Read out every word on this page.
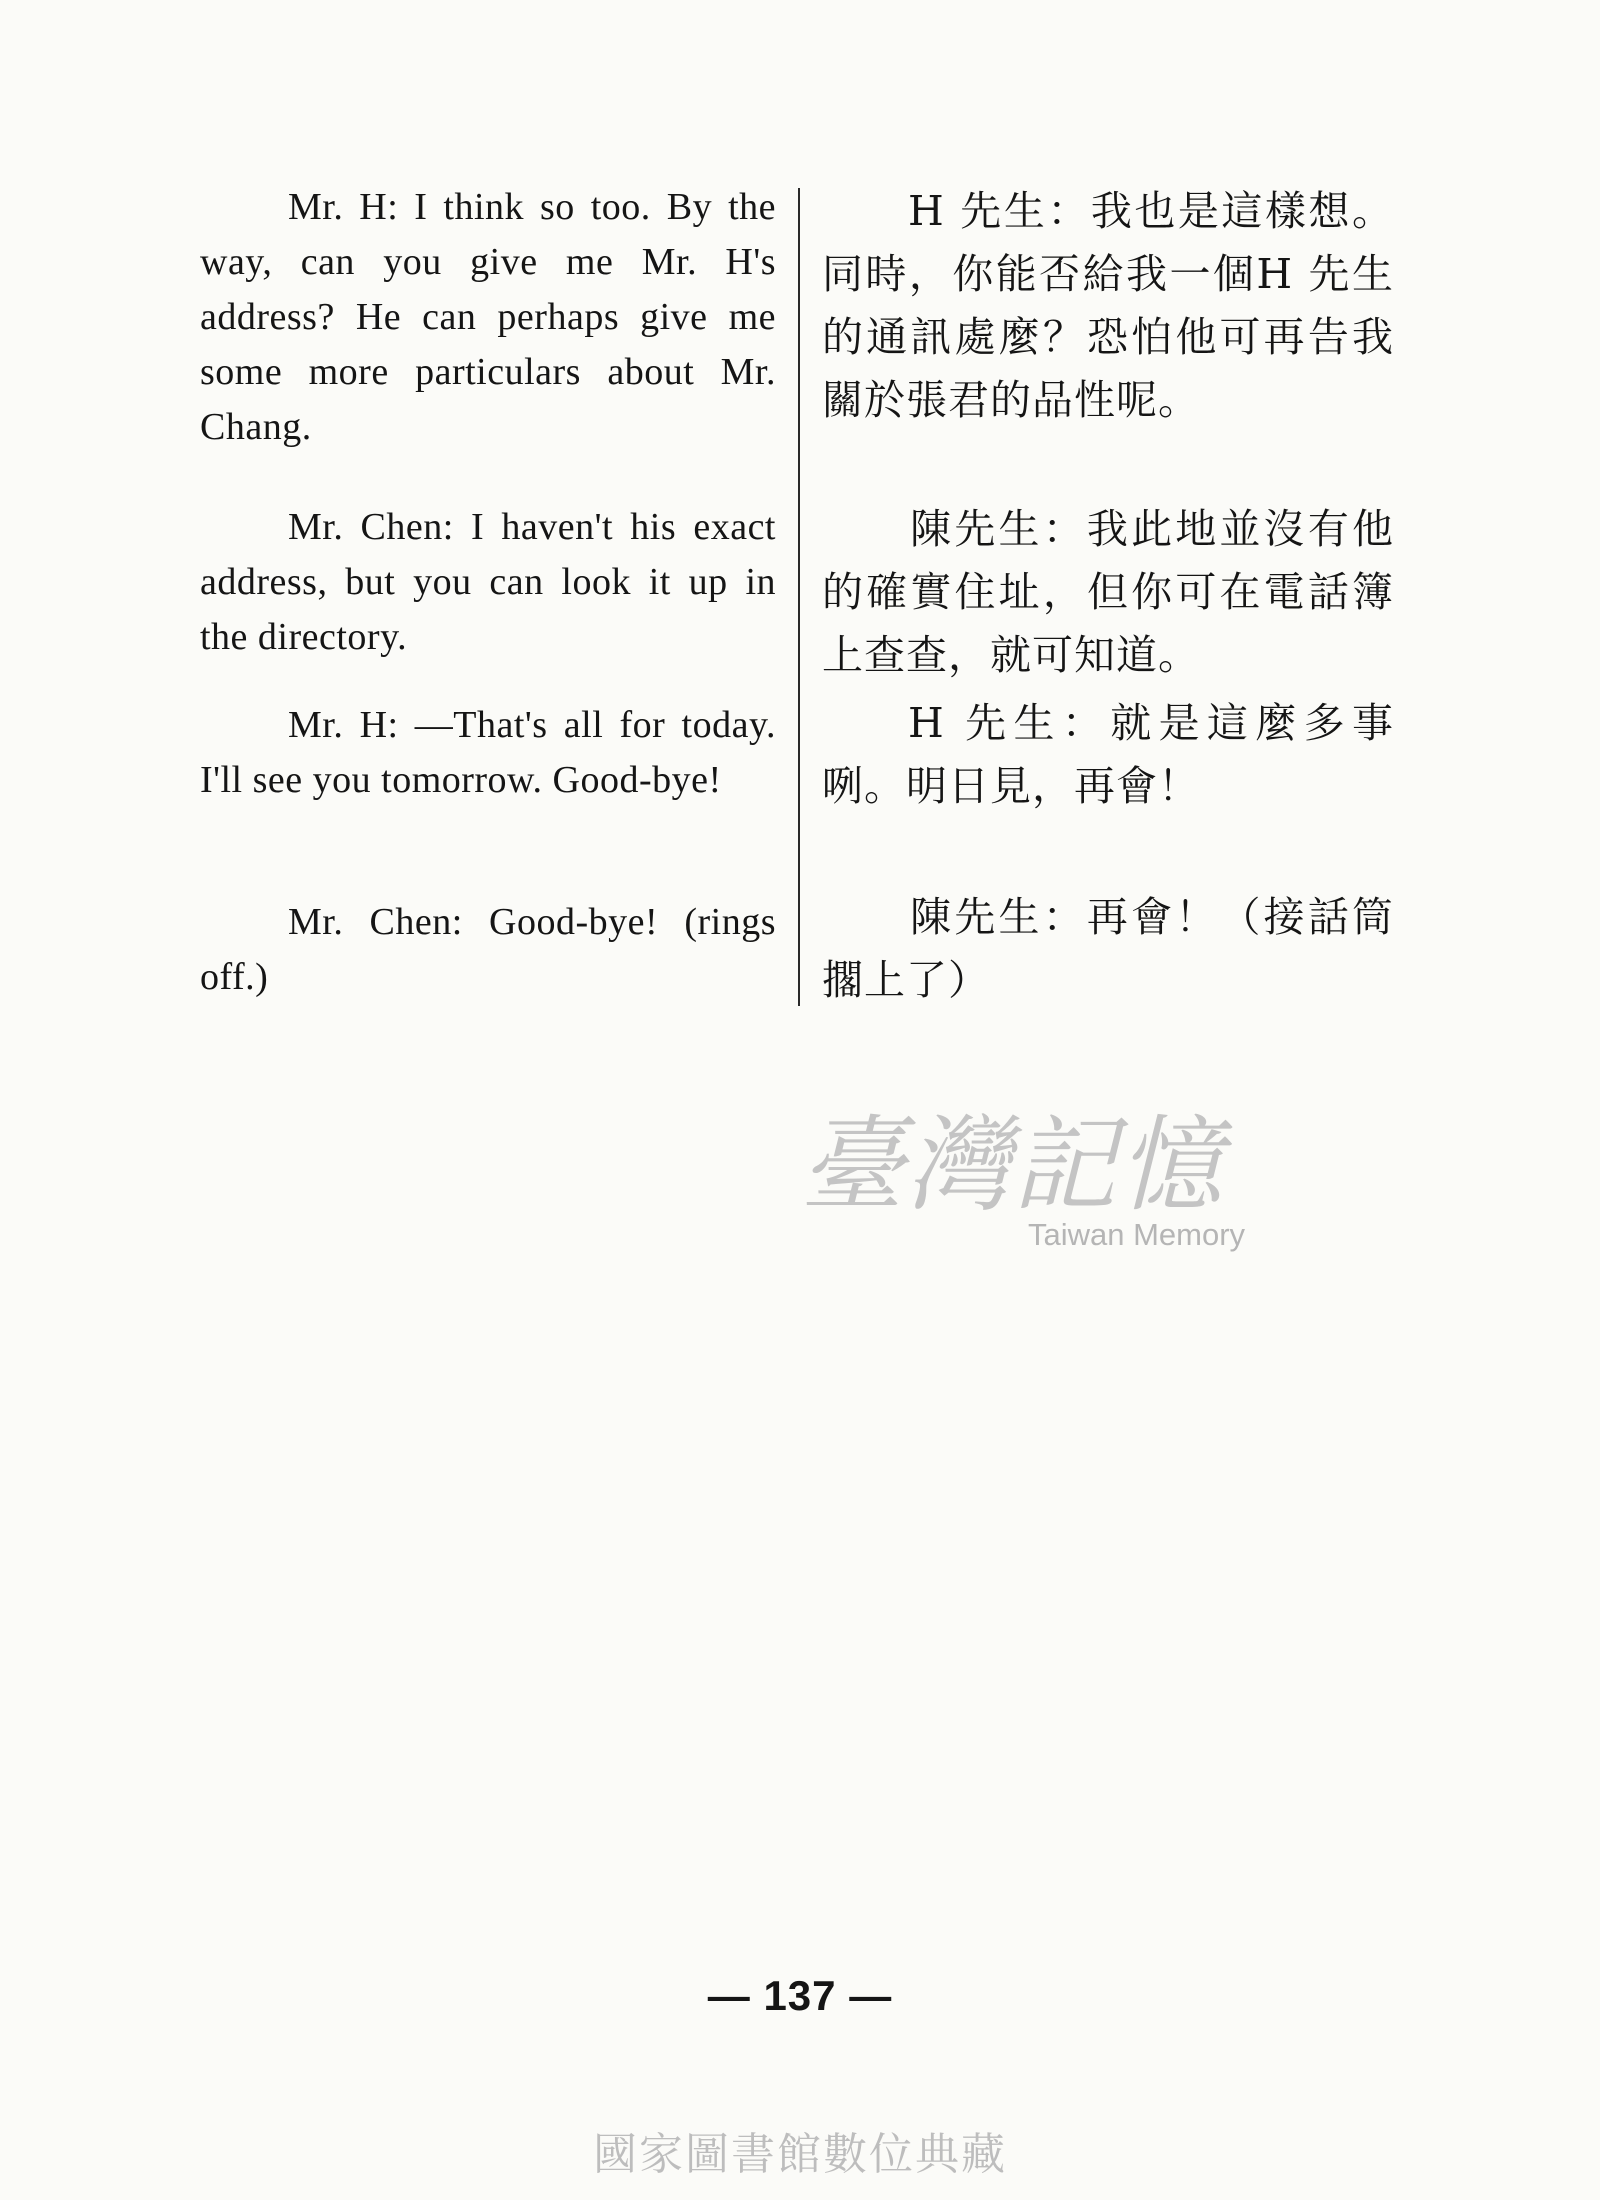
Mr. H: I think so too. By the way, can you give me Mr. H's address? He can perhaps give me some more particulars about Mr. Chang.

Mr. Chen: I haven't his exact address, but you can look it up in the directory.

Mr. H: —That's all for today. I'll see you tomorrow. Good-bye!

Mr. Chen: Good-bye! (rings off.)

H 先生：我也是這樣想。同時，你能否給我一個H 先生的通訊處麼？恐怕他可再告我關於張君的品性呢。

陳先生：我此地並沒有他的確實住址，但你可在電話簿上查查，就可知道。

H 先生：就是這麼多事咧。明日見，再會！

陳先生：再會！（接話筒擱上了）

臺灣記憶
Taiwan Memory
— 137 —
國家圖書館數位典藏
